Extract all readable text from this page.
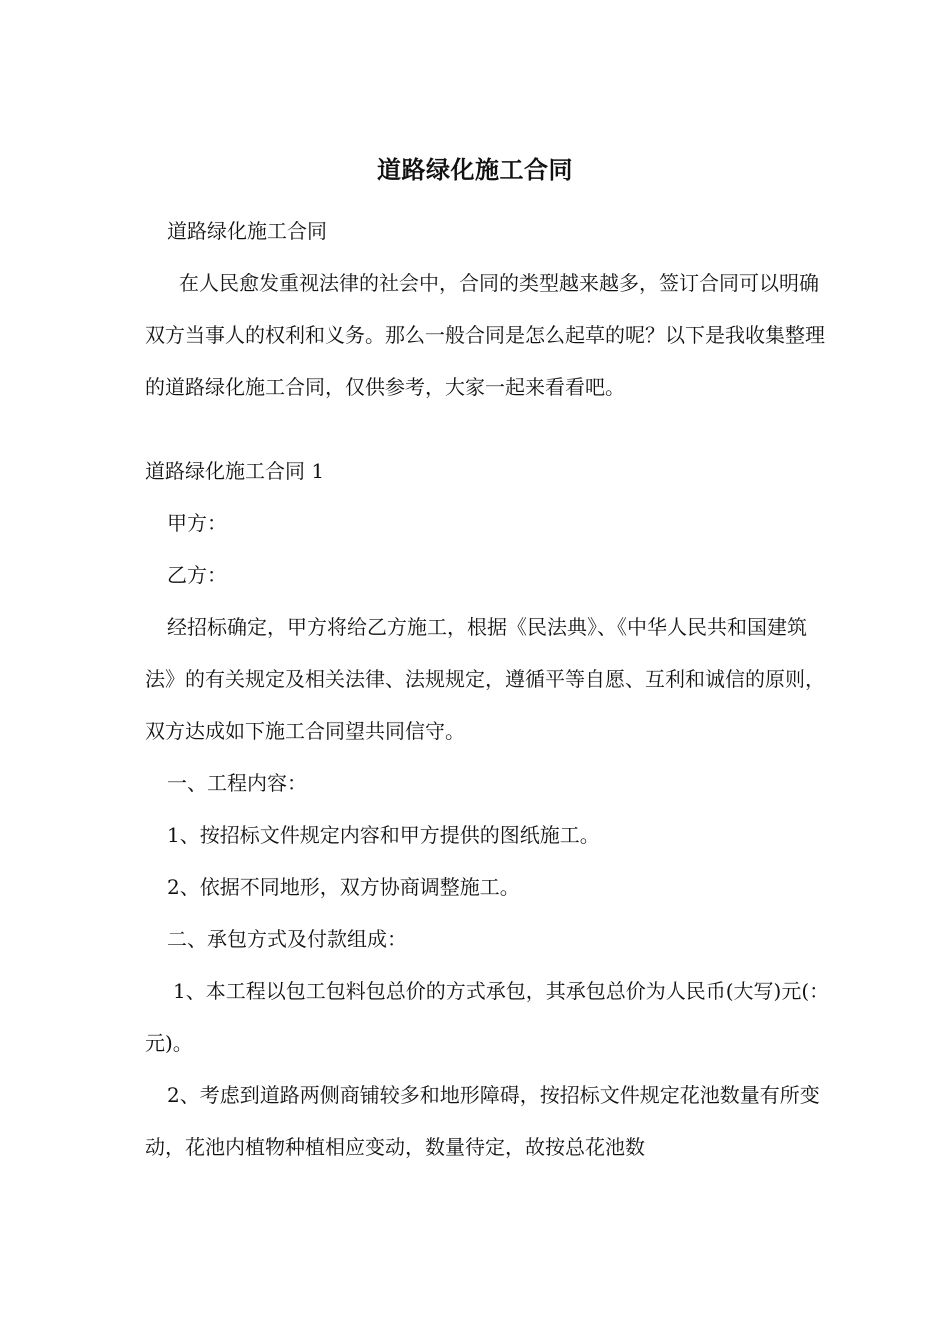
道路绿化施工合同

道路绿化施工合同

在人民愈发重视法律的社会中，合同的类型越来越多，签订合同可以明确双方当事人的权利和义务。那么一般合同是怎么起草的呢？以下是我收集整理的道路绿化施工合同，仅供参考，大家一起来看看吧。

道路绿化施工合同 1

甲方：

乙方：

经招标确定，甲方将给乙方施工，根据《民法典》、《中华人民共和国建筑法》的有关规定及相关法律、法规规定，遵循平等自愿、互利和诚信的原则，双方达成如下施工合同望共同信守。

一、工程内容：

1、按招标文件规定内容和甲方提供的图纸施工。

2、依据不同地形，双方协商调整施工。

二、承包方式及付款组成：

1、本工程以包工包料包总价的方式承包，其承包总价为人民币(大写)元(：元)。

2、考虑到道路两侧商铺较多和地形障碍，按招标文件规定花池数量有所变动，花池内植物种植相应变动，数量待定，故按总花池数
